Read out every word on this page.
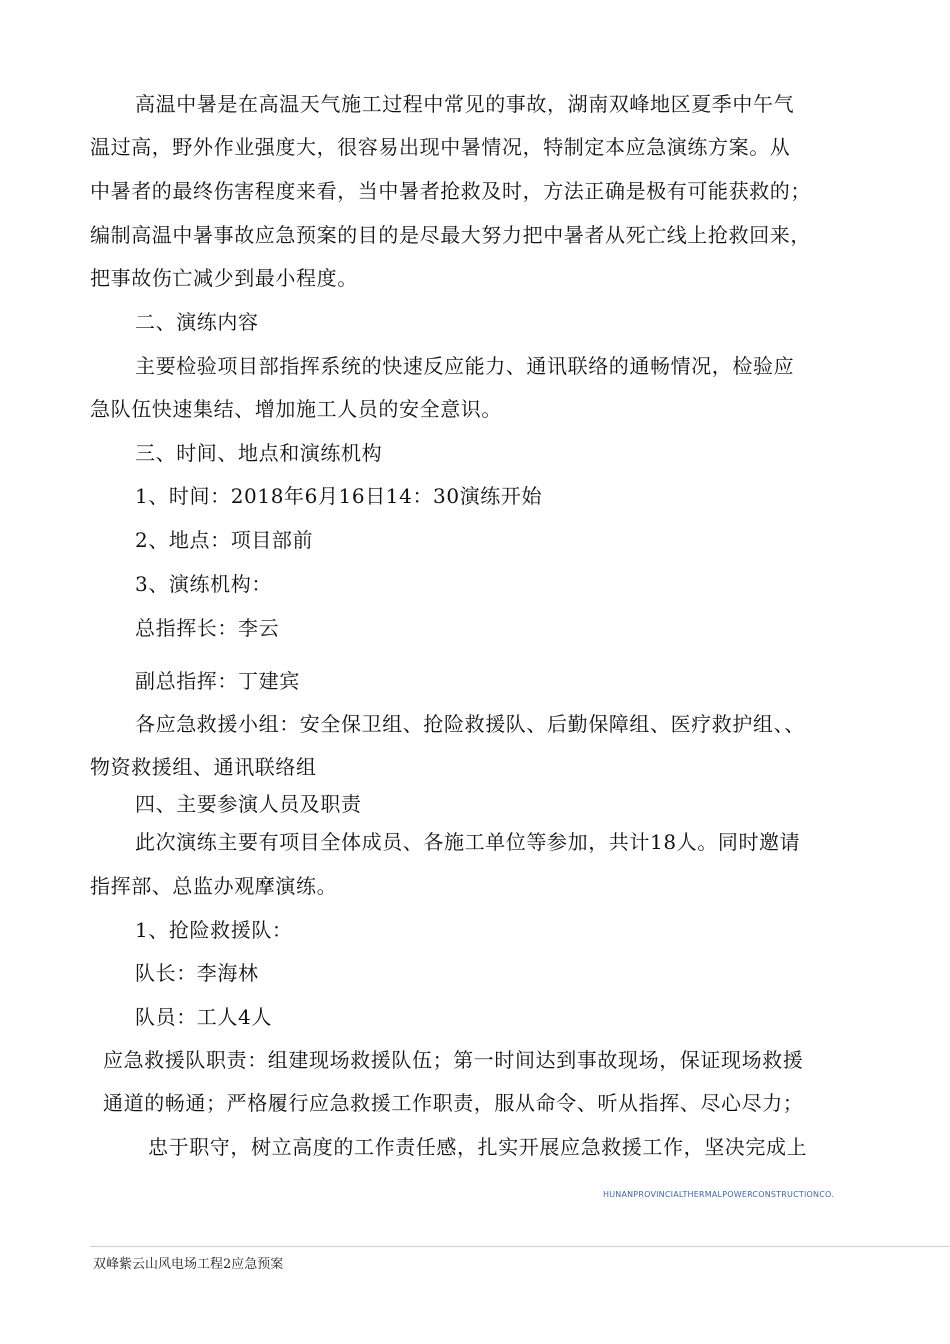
高温中暑是在高温天气施工过程中常见的事故，湖南双峰地区夏季中午气
温过高，野外作业强度大，很容易出现中暑情况，特制定本应急演练方案。从
中暑者的最终伤害程度来看，当中暑者抢救及时，方法正确是极有可能获救的；
编制高温中暑事故应急预案的目的是尽最大努力把中暑者从死亡线上抢救回来，
把事故伤亡减少到最小程度。
二、演练内容
主要检验项目部指挥系统的快速反应能力、通讯联络的通畅情况，检验应
急队伍快速集结、增加施工人员的安全意识。
三、时间、地点和演练机构
1、时间：2018年6月16日14：30演练开始
2、地点：项目部前
3、演练机构：
总指挥长：李云
副总指挥：丁建宾
各应急救援小组：安全保卫组、抢险救援队、后勤保障组、医疗救护组、、
物资救援组、通讯联络组
四、主要参演人员及职责
此次演练主要有项目全体成员、各施工单位等参加，共计18人。同时邀请
指挥部、总监办观摩演练。
1、抢险救援队：
队长：李海林
队员：工人4人
应急救援队职责：组建现场救援队伍；第一时间达到事故现场，保证现场救援
通道的畅通；严格履行应急救援工作职责，服从命令、听从指挥、尽心尽力；
忠于职守，树立高度的工作责任感，扎实开展应急救援工作，坚决完成上
HUNANPROVINCIALTHERMALPOWERCONSTRUCTIONCO.
双峰紫云山风电场工程2应急预案
